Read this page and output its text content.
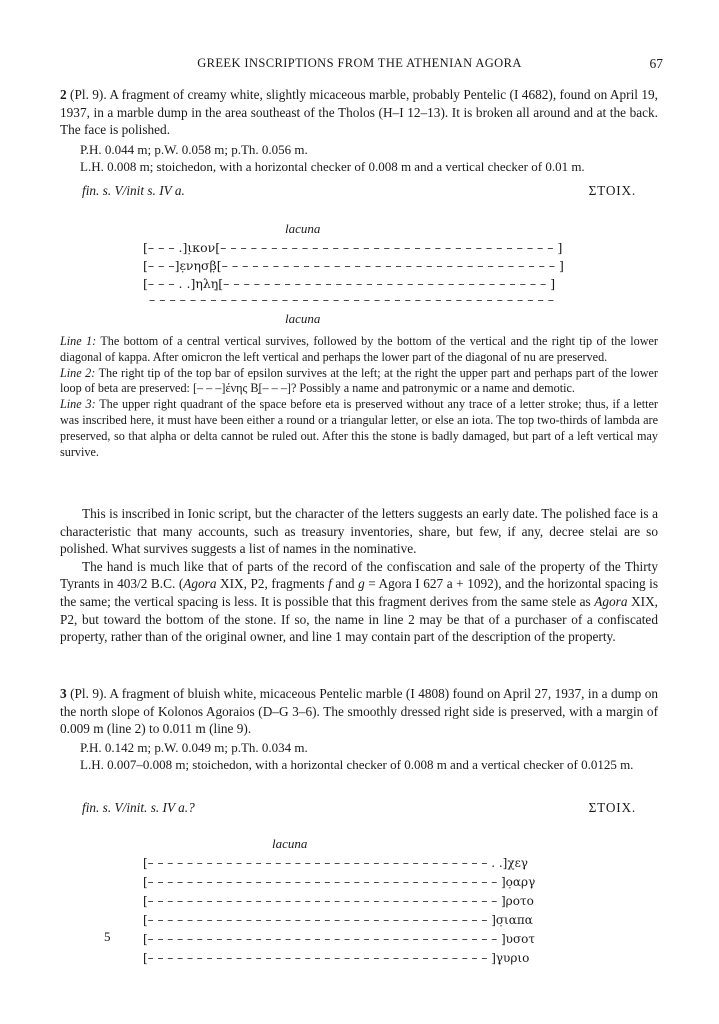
GREEK INSCRIPTIONS FROM THE ATHENIAN AGORA	67

2 (Pl. 9). A fragment of creamy white, slightly micaceous marble, probably Pentelic (I 4682), found on April 19, 1937, in a marble dump in the area southeast of the Tholos (H–I 12–13). It is broken all around and at the back. The face is polished.

P.H. 0.044 m; p.W. 0.058 m; p.Th. 0.056 m.

L.H. 0.008 m; stoichedon, with a horizontal checker of 0.008 m and a vertical checker of 0.01 m.

fin. s. V/init s. IV a.	ΣΤΟΙΧ.
lacuna
[– – – .]ι̣κον[– – – – – – – – – – – – – – – – – – – – – – – – – – – – – – – – – ]
[– – –]ε̣νησβ̣[– – – – – – – – – – – – – – – – – – – – – – – – – – – – – – – – – ]
[– – – . .]ηλη̣[– – – – – – – – – – – – – – – – – – – – – – – – – – – – – – – – ]
– – – – – – – – – – – – – – – – – – – – – – – – – – – – – – – – – – – – – – – –
lacuna

Line 1: The bottom of a central vertical survives, followed by the bottom of the vertical and the right tip of the lower diagonal of kappa. After omicron the left vertical and perhaps the lower part of the diagonal of nu are preserved.

Line 2: The right tip of the top bar of epsilon survives at the left; at the right the upper part and perhaps part of the lower loop of beta are preserved: [– – –]ένης Β̣[– – –]? Possibly a name and patronymic or a name and demotic.

Line 3: The upper right quadrant of the space before eta is preserved without any trace of a letter stroke; thus, if a letter was inscribed here, it must have been either a round or a triangular letter, or else an iota. The top two-thirds of lambda are preserved, so that alpha or delta cannot be ruled out. After this the stone is badly damaged, but part of a left vertical may survive.

This is inscribed in Ionic script, but the character of the letters suggests an early date. The polished face is a characteristic that many accounts, such as treasury inventories, share, but few, if any, decree stelai are so polished. What survives suggests a list of names in the nominative.

The hand is much like that of parts of the record of the confiscation and sale of the property of the Thirty Tyrants in 403/2 B.C. (Agora XIX, P2, fragments f and g = Agora I 627 a + 1092), and the horizontal spacing is the same; the vertical spacing is less. It is possible that this fragment derives from the same stele as Agora XIX, P2, but toward the bottom of the stone. If so, the name in line 2 may be that of a purchaser of a confiscated property, rather than of the original owner, and line 1 may contain part of the description of the property.

3 (Pl. 9). A fragment of bluish white, micaceous Pentelic marble (I 4808) found on April 27, 1937, in a dump on the north slope of Kolonos Agoraios (D–G 3–6). The smoothly dressed right side is preserved, with a margin of 0.009 m (line 2) to 0.011 m (line 9).

P.H. 0.142 m; p.W. 0.049 m; p.Th. 0.034 m.

L.H. 0.007–0.008 m; stoichedon, with a horizontal checker of 0.008 m and a vertical checker of 0.0125 m.

fin. s. V/init. s. IV a.?	ΣΤΟΙΧ.
lacuna
[– – – – – – – – – – – – – – – – – – – – – – – – – – – – – – – – – – – . .]χεγ
[– – – – – – – – – – – – – – – – – – – – – – – – – – – – – – – – – – – – ]ο̣αργ
[– – – – – – – – – – – – – – – – – – – – – – – – – – – – – – – – – – – – ]ροτο
[– – – – – – – – – – – – – – – – – – – – – – – – – – – – – – – – – – – ]σ̣ιαπα
5	[– – – – – – – – – – – – – – – – – – – – – – – – – – – – – – – – – – – – ]υσοτ
[– – – – – – – – – – – – – – – – – – – – – – – – – – – – – – – – – – – ]γ̣υριο
